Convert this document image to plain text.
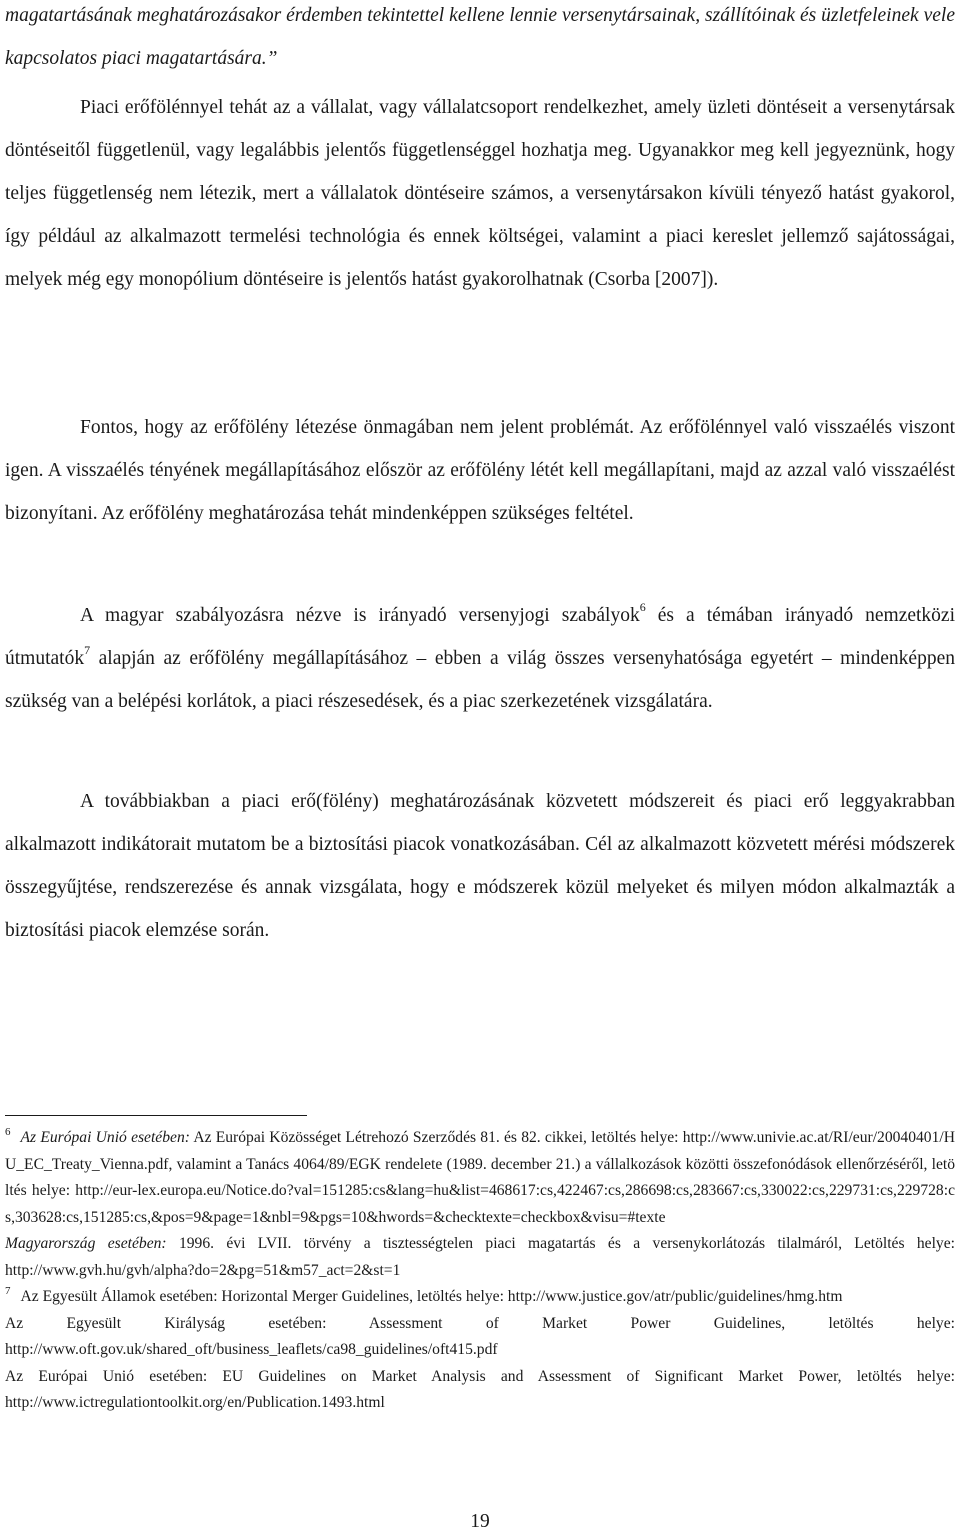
magatartásának meghatározásakor érdemben tekintettel kellene lennie versenytársainak, szállítóinak és üzletfeleinek vele kapcsolatos piaci magatartására.”

Piaci erőfölénnyel tehát az a vállalat, vagy vállalatcsoport rendelkezhet, amely üzleti döntéseit a versenytársak döntéseitől függetlenül, vagy legalábbis jelentős függetlenséggel hozhatja meg. Ugyanakkor meg kell jegyeznünk, hogy teljes függetlenség nem létezik, mert a vállalatok döntéseire számos, a versenytársakon kívüli tényező hatást gyakorol, így például az alkalmazott termelési technológia és ennek költségei, valamint a piaci kereslet jellemző sajátosságai, melyek még egy monopólium döntéseire is jelentős hatást gyakorolhatnak (Csorba [2007]).

Fontos, hogy az erőfölény létezése önmagában nem jelent problémát. Az erőfölénnyel való visszaélés viszont igen. A visszaélés tényének megállapításához először az erőfölény létét kell megállapítani, majd az azzal való visszaélést bizonyítani. Az erőfölény meghatározása tehát mindenképpen szükséges feltétel.

A magyar szabályozásra nézve is irányadó versenyjogi szabályok$^6$ és a témában irányadó nemzetközi útmutatók$^7$ alapján az erőfölény megállapításához – ebben a világ összes versenyhatósága egyetért – mindenképpen szükség van a belépési korlátok, a piaci részesedések, és a piac szerkezetének vizsgálatára.

A továbbiakban a piaci erő(fölény) meghatározásának közvetett módszereit és piaci erő leggyakrabban alkalmazott indikátorait mutatom be a biztosítási piacok vonatkozásában. Cél az alkalmazott közvetett mérési módszerek összegyűjtése, rendszerezése és annak vizsgálata, hogy e módszerek közül melyeket és milyen módon alkalmazták a biztosítási piacok elemzése során.

$^6$ Az Európai Unió esetében: Az Európai Közösséget Létrehozó Szerződés 81. és 82. cikkei, letöltés helye: http://www.univie.ac.at/RI/eur/20040401/HU_EC_Treaty_Vienna.pdf, valamint a Tanács 4064/89/EGK rendelete (1989. december 21.) a vállalkozások közötti összefonódások ellenőrzéséről, letöltés helye: http://eur-lex.europa.eu/Notice.do?val=151285:cs&lang=hu&list=468617:cs,422467:cs,286698:cs,283667:cs,330022:cs,229731:cs,229728:cs,303628:cs,151285:cs,&pos=9&page=1&nbl=9&pgs=10&hwords=&checktexte=checkbox&visu=#texte

Magyarország esetében: 1996. évi LVII. törvény a tisztességtelen piaci magatartás és a versenykorlátozás tilalmáról, Letöltés helye: http://www.gvh.hu/gvh/alpha?do=2&pg=51&m57_act=2&st=1

$^7$ Az Egyesült Államok esetében: Horizontal Merger Guidelines, letöltés helye: http://www.justice.gov/atr/public/guidelines/hmg.htm

Az Egyesült Királyság esetében: Assessment of Market Power Guidelines, letöltés helye: http://www.oft.gov.uk/shared_oft/business_leaflets/ca98_guidelines/oft415.pdf

Az Európai Unió esetében: EU Guidelines on Market Analysis and Assessment of Significant Market Power, letöltés helye: http://www.ictregulationtoolkit.org/en/Publication.1493.html

19
